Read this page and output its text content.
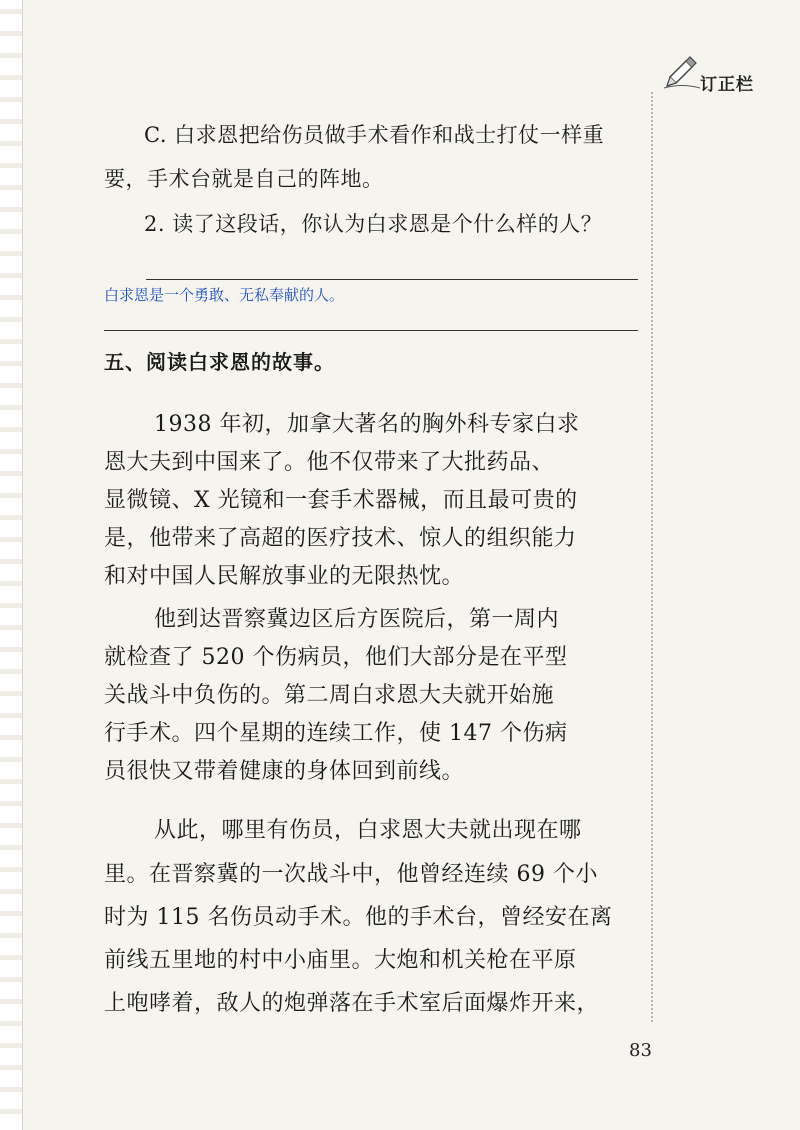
订正栏
C. 白求恩把给伤员做手术看作和战士打仗一样重
要，手术台就是自己的阵地。
2. 读了这段话，你认为白求恩是个什么样的人？
白求恩是一个勇敢、无私奉献的人。
五、阅读白求恩的故事。
1938 年初，加拿大著名的胸外科专家白求
恩大夫到中国来了。他不仅带来了大批药品、
显微镜、X 光镜和一套手术器械，而且最可贵的
是，他带来了高超的医疗技术、惊人的组织能力
和对中国人民解放事业的无限热忱。
他到达晋察冀边区后方医院后，第一周内
就检查了 520 个伤病员，他们大部分是在平型
关战斗中负伤的。第二周白求恩大夫就开始施
行手术。四个星期的连续工作，使 147 个伤病
员很快又带着健康的身体回到前线。
从此，哪里有伤员，白求恩大夫就出现在哪
里。在晋察冀的一次战斗中，他曾经连续 69 个小
时为 115 名伤员动手术。他的手术台，曾经安在离
前线五里地的村中小庙里。大炮和机关枪在平原
上咆哮着，敌人的炮弹落在手术室后面爆炸开来，
83
